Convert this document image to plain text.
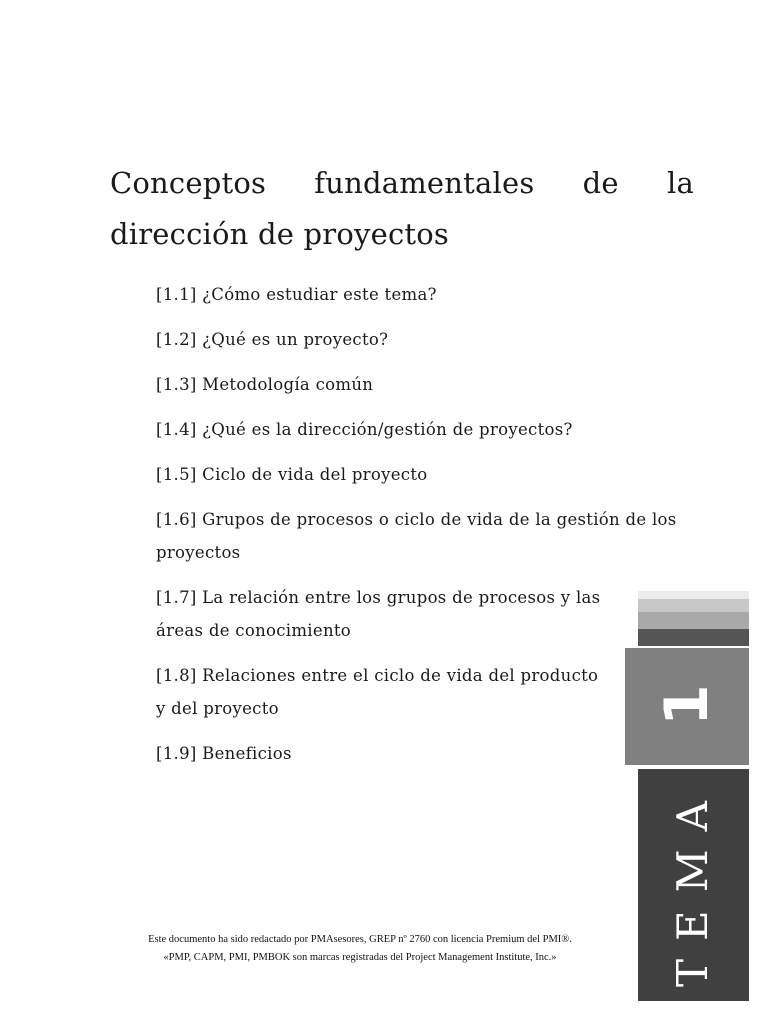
Conceptos fundamentales de la
dirección de proyectos
[1.1] ¿Cómo estudiar este tema?
[1.2] ¿Qué es un proyecto?
[1.3] Metodología común
[1.4] ¿Qué es la dirección/gestión de proyectos?
[1.5] Ciclo de vida del proyecto
[1.6] Grupos de procesos o ciclo de vida de la gestión de los
proyectos
[1.7] La relación entre los grupos de procesos y las
áreas de conocimiento
[1.8] Relaciones entre el ciclo de vida del producto
y del proyecto
[1.9] Beneficios
Este documento ha sido redactado por PMAsesores, GREP nº 2760 con licencia Premium del PMI®.
«PMP, CAPM, PMI, PMBOK son marcas registradas del Project Management Institute, Inc.»
1
TEMA
